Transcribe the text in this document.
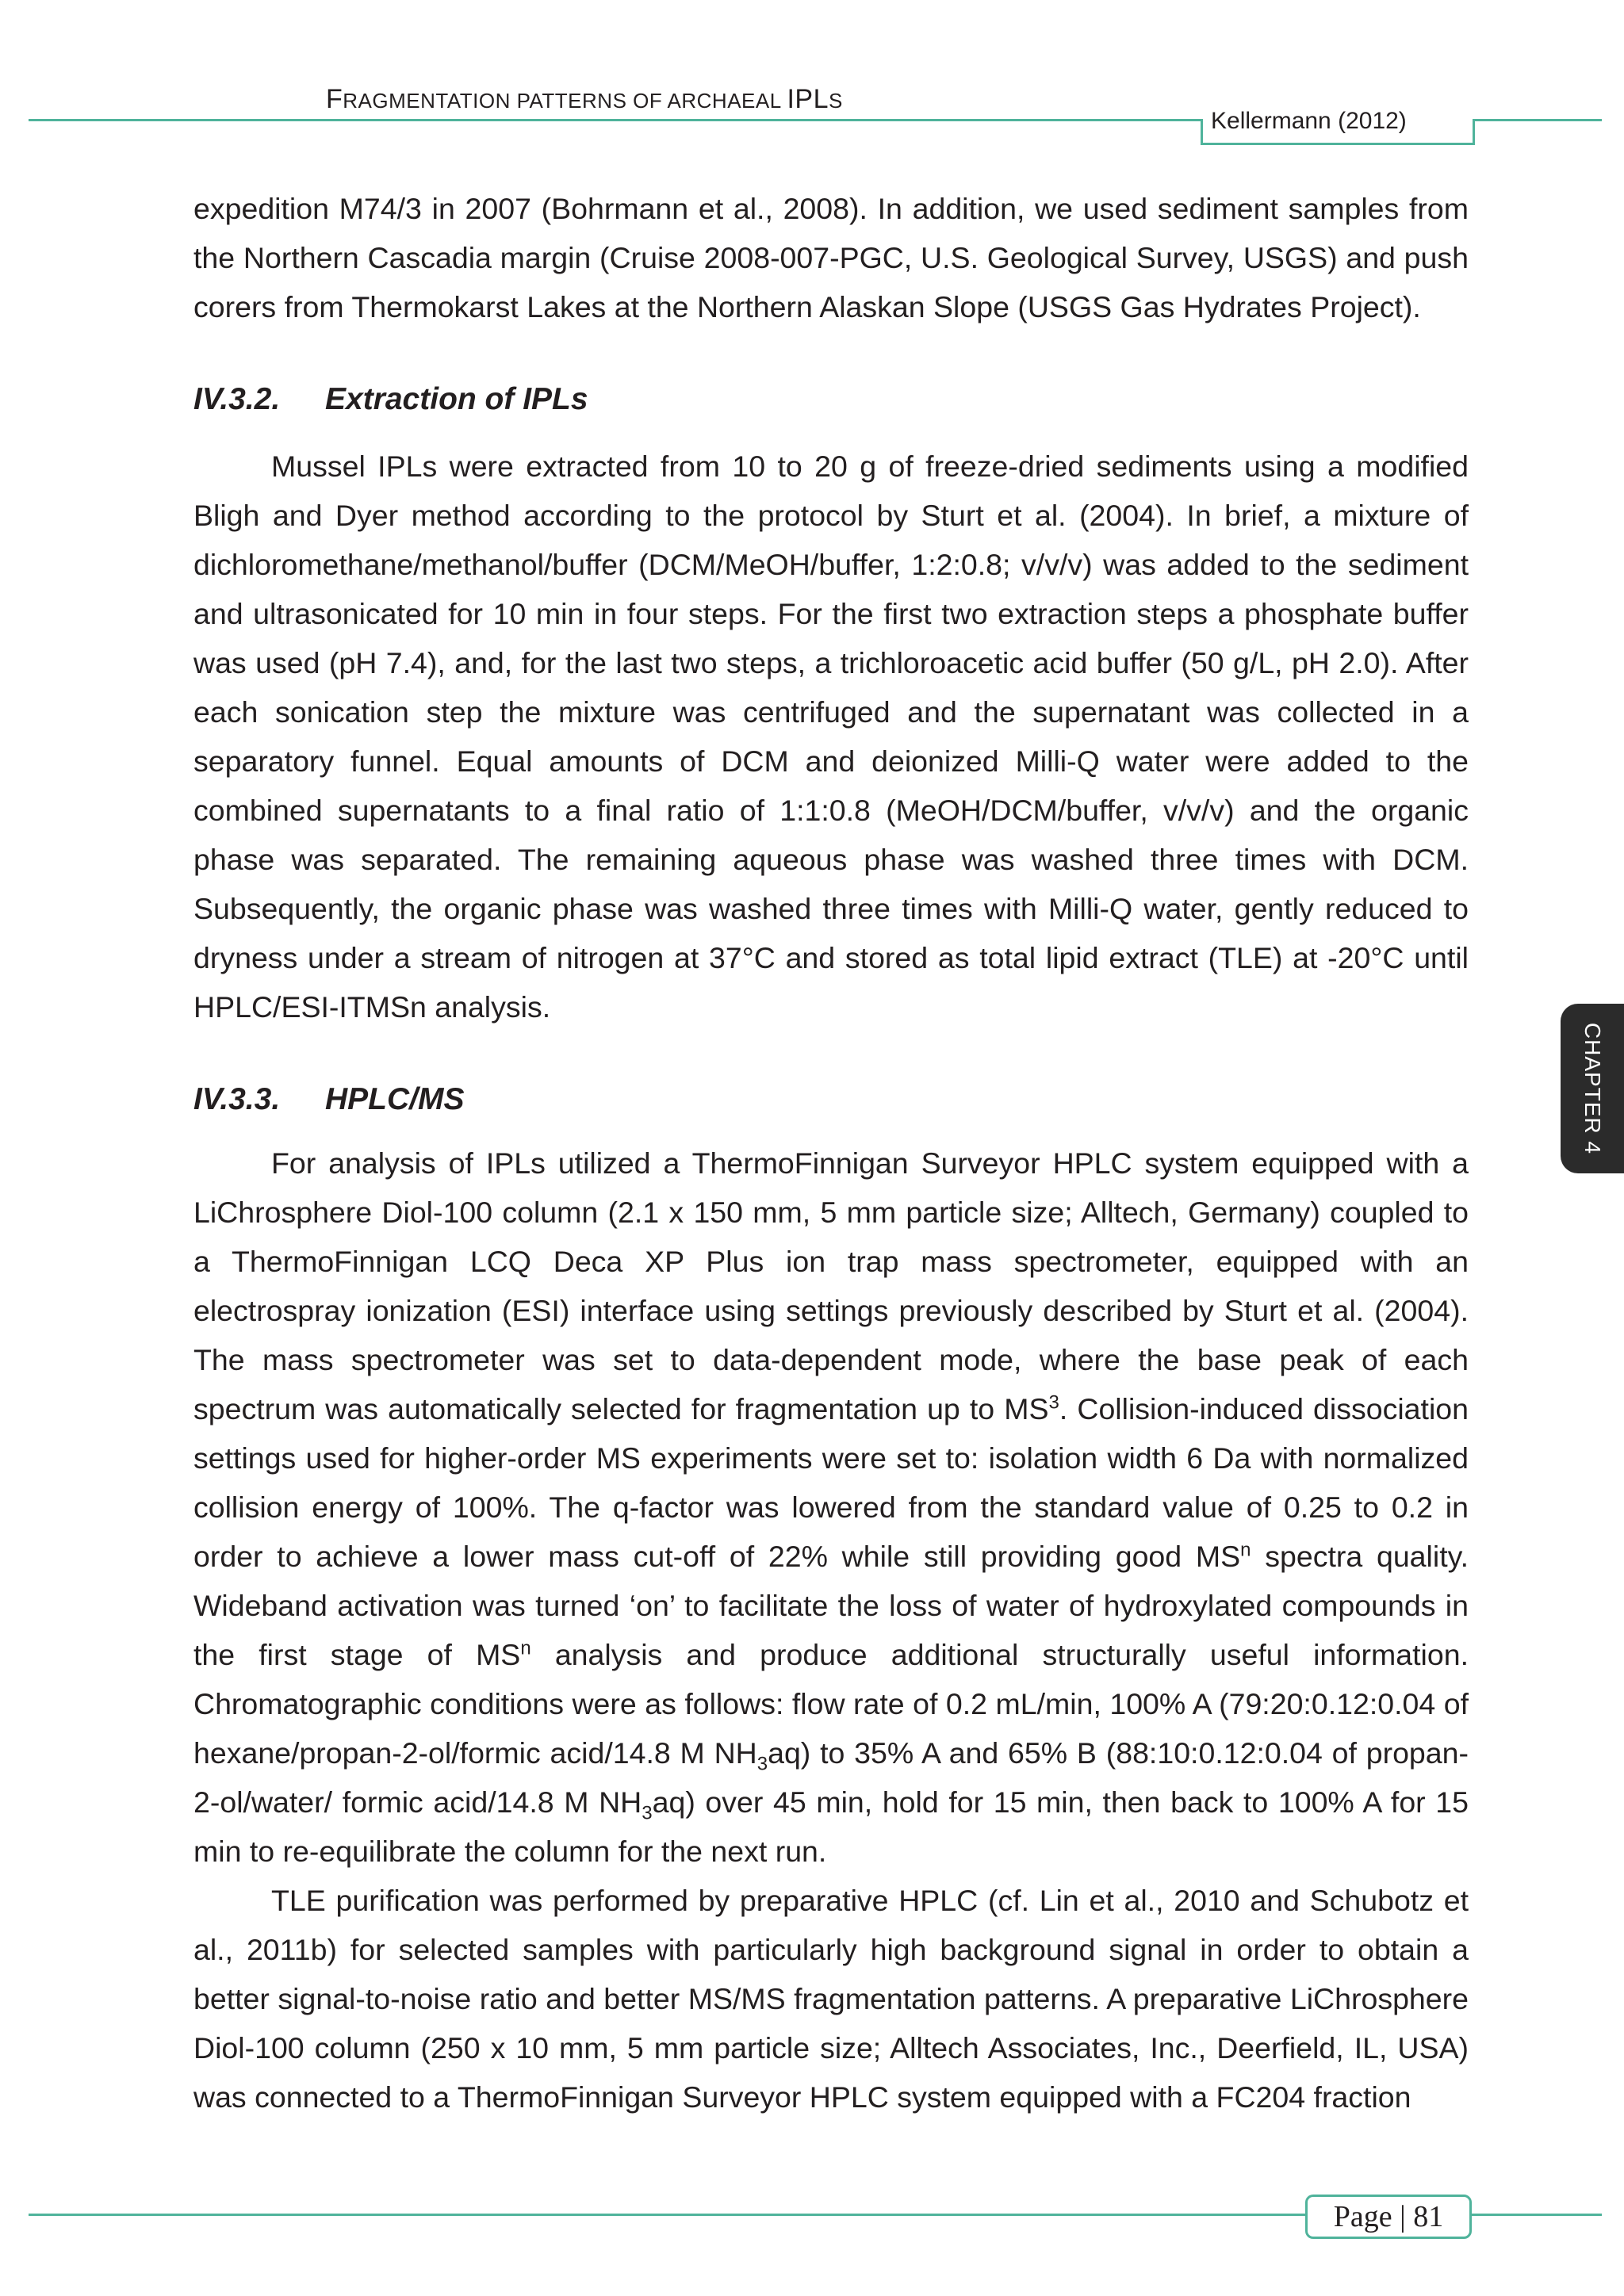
FRAGMENTATION PATTERNS OF ARCHAEAL IPLS
Kellermann (2012)

expedition M74/3 in 2007 (Bohrmann et al., 2008). In addition, we used sediment samples from the Northern Cascadia margin (Cruise 2008-007-PGC, U.S. Geological Survey, USGS) and push corers from Thermokarst Lakes at the Northern Alaskan Slope (USGS Gas Hydrates Project).

IV.3.2. Extraction of IPLs

Mussel IPLs were extracted from 10 to 20 g of freeze-dried sediments using a modified Bligh and Dyer method according to the protocol by Sturt et al. (2004). In brief, a mixture of dichloromethane/methanol/buffer (DCM/MeOH/buffer, 1:2:0.8; v/v/v) was added to the sediment and ultrasonicated for 10 min in four steps. For the first two extraction steps a phosphate buffer was used (pH 7.4), and, for the last two steps, a trichloroacetic acid buffer (50 g/L, pH 2.0). After each sonication step the mixture was centrifuged and the supernatant was collected in a separatory funnel. Equal amounts of DCM and deionized Milli-Q water were added to the combined supernatants to a final ratio of 1:1:0.8 (MeOH/DCM/buffer, v/v/v) and the organic phase was separated. The remaining aqueous phase was washed three times with DCM. Subsequently, the organic phase was washed three times with Milli-Q water, gently reduced to dryness under a stream of nitrogen at 37°C and stored as total lipid extract (TLE) at -20°C until HPLC/ESI-ITMSn analysis.

IV.3.3. HPLC/MS

For analysis of IPLs utilized a ThermoFinnigan Surveyor HPLC system equipped with a LiChrosphere Diol-100 column (2.1 x 150 mm, 5 mm particle size; Alltech, Germany) coupled to a ThermoFinnigan LCQ Deca XP Plus ion trap mass spectrometer, equipped with an electrospray ionization (ESI) interface using settings previously described by Sturt et al. (2004). The mass spectrometer was set to data-dependent mode, where the base peak of each spectrum was automatically selected for fragmentation up to $MS^3$. Collision-induced dissociation settings used for higher-order MS experiments were set to: isolation width 6 Da with normalized collision energy of 100%. The q-factor was lowered from the standard value of 0.25 to 0.2 in order to achieve a lower mass cut-off of 22% while still providing good $MS^n$ spectra quality. Wideband activation was turned ‘on’ to facilitate the loss of water of hydroxylated compounds in the first stage of $MS^n$ analysis and produce additional structurally useful information. Chromatographic conditions were as follows: flow rate of 0.2 mL/min, 100% A (79:20:0.12:0.04 of hexane/propan-2-ol/formic acid/14.8 M $NH_3aq$) to 35% A and 65% B (88:10:0.12:0.04 of propan-2-ol/water/ formic acid/14.8 M $NH_3aq$) over 45 min, hold for 15 min, then back to 100% A for 15 min to re-equilibrate the column for the next run.

TLE purification was performed by preparative HPLC (cf. Lin et al., 2010 and Schubotz et al., 2011b) for selected samples with particularly high background signal in order to obtain a better signal-to-noise ratio and better MS/MS fragmentation patterns. A preparative LiChrosphere Diol-100 column (250 x 10 mm, 5 mm particle size; Alltech Associates, Inc., Deerfield, IL, USA) was connected to a ThermoFinnigan Surveyor HPLC system equipped with a FC204 fraction

CHAPTER 4
Page | 81
